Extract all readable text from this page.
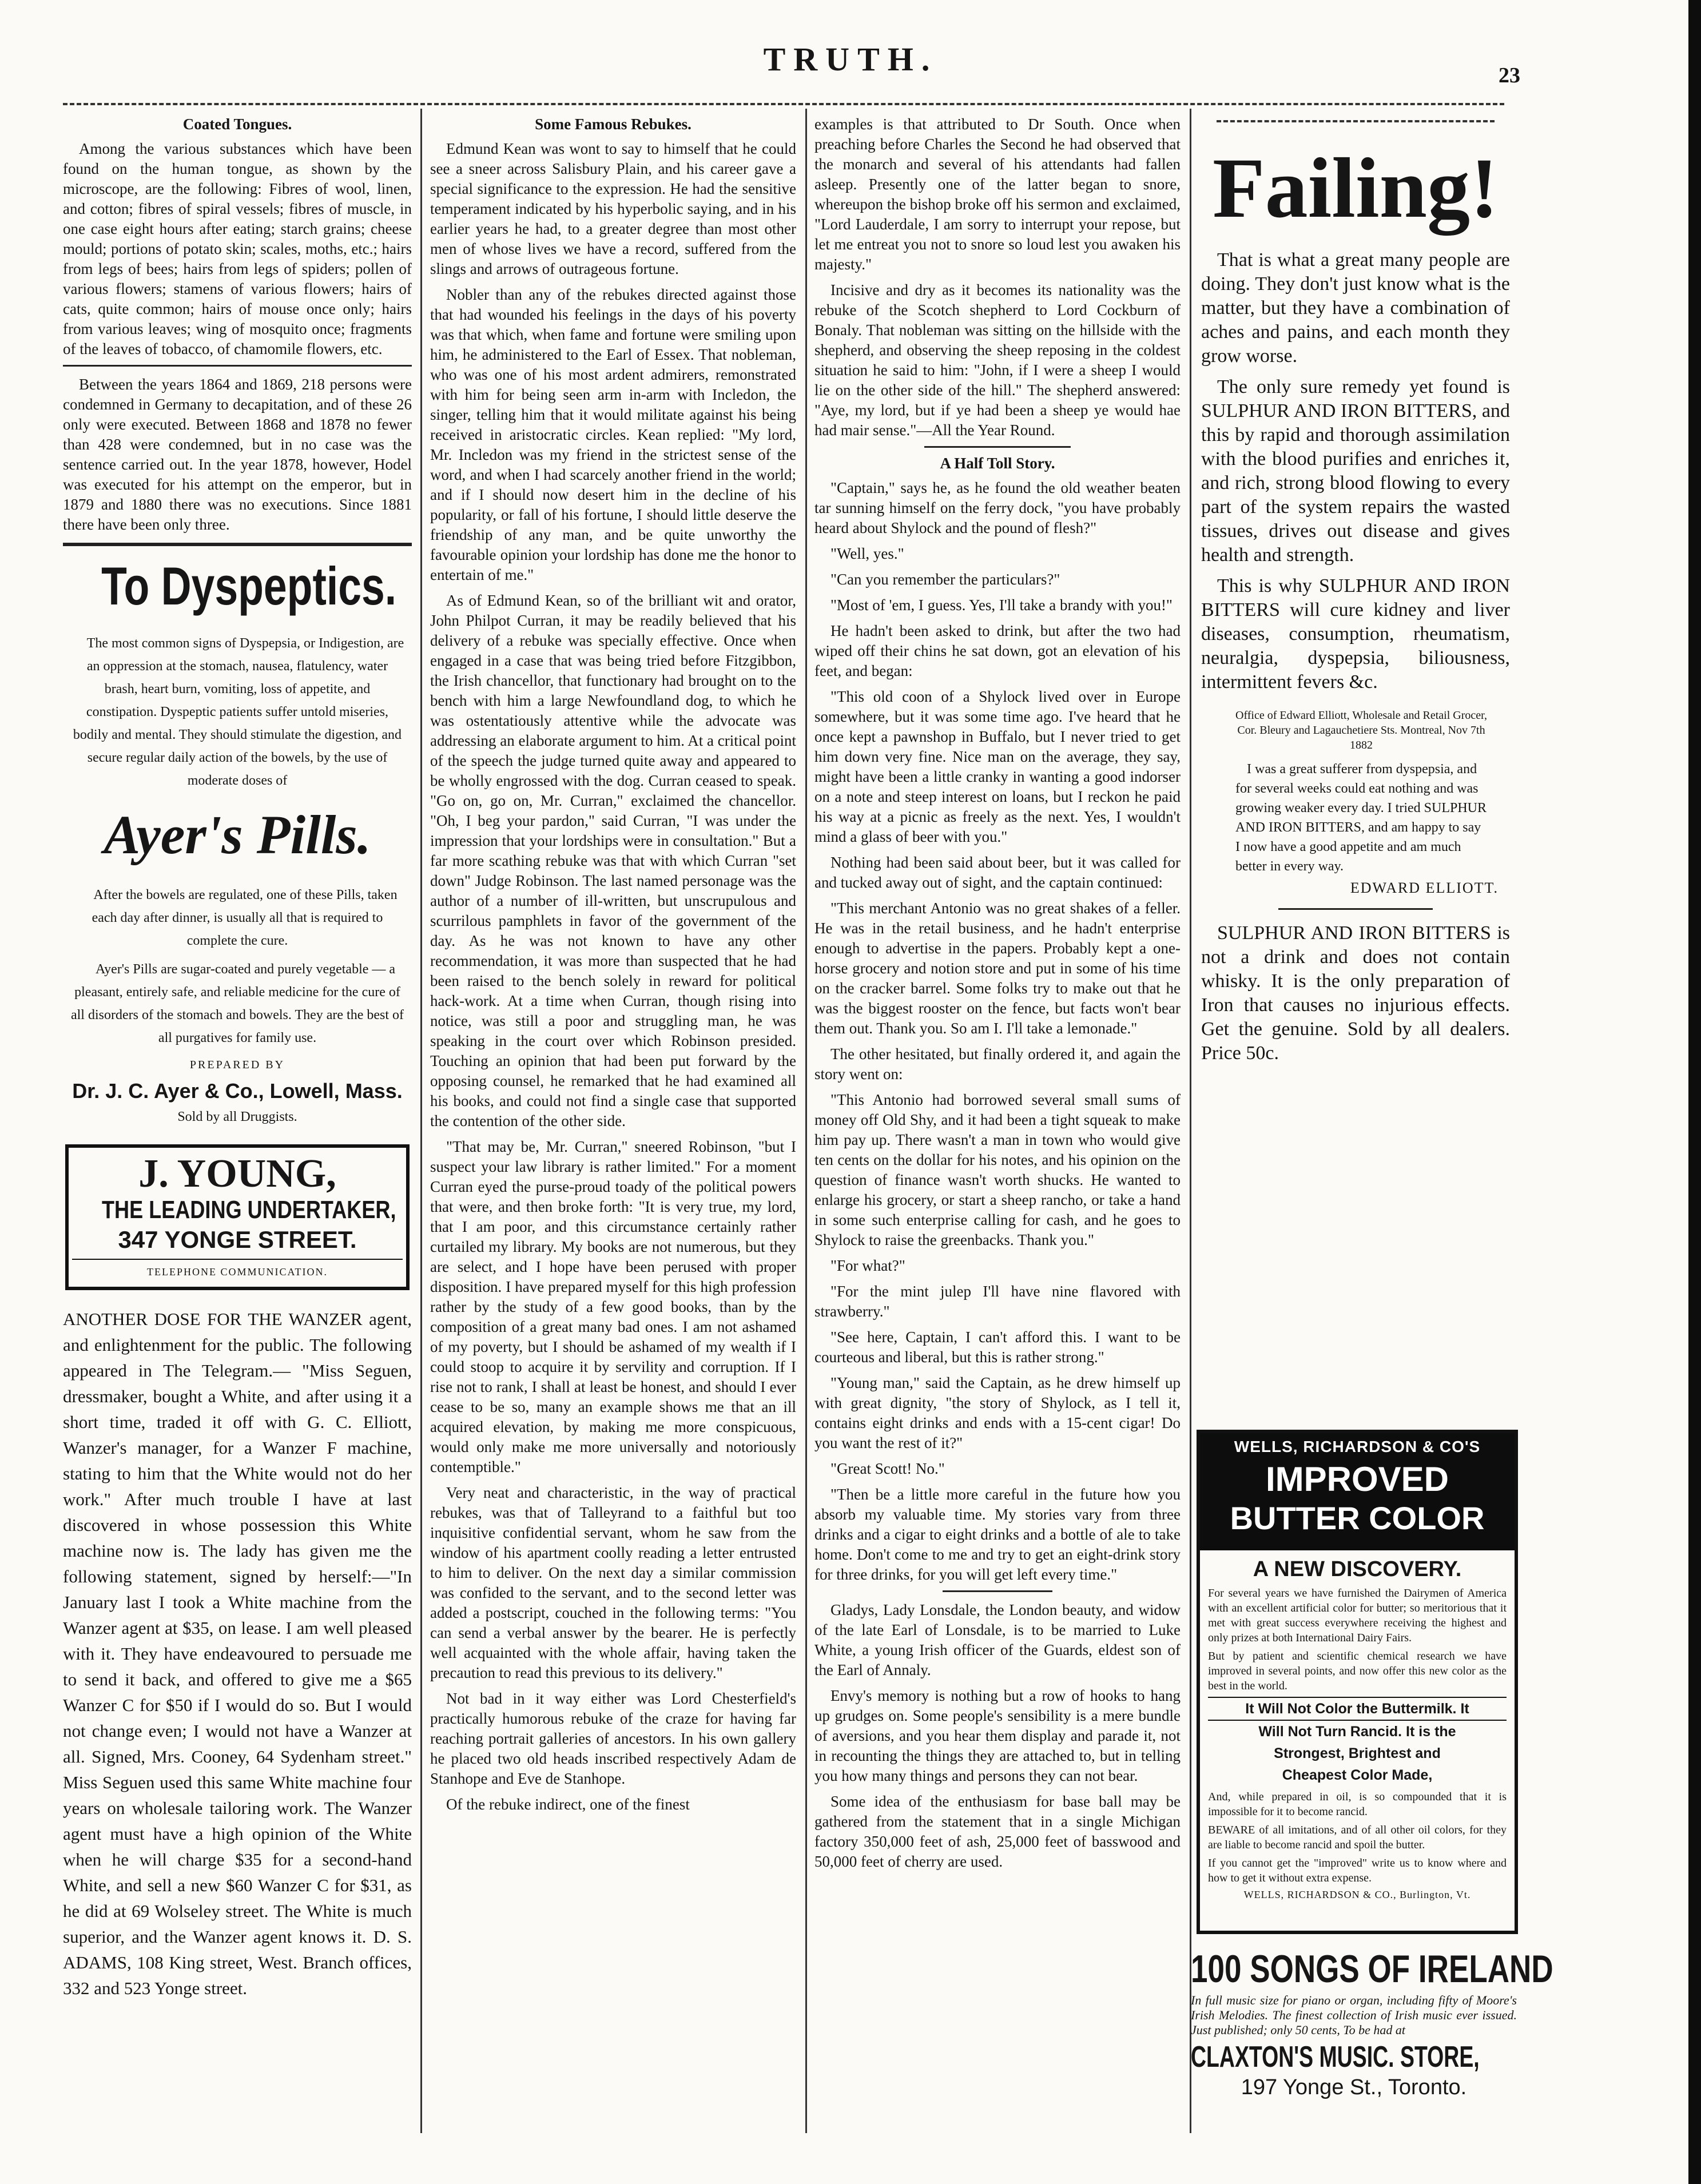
TRUTH.	23
Coated Tongues.

Among the various substances which have been found on the human tongue, as shown by the microscope, are the following: Fibres of wool, linen, and cotton; fibres of spiral vessels; fibres of muscle, in one case eight hours after eating; starch grains; cheese mould; portions of potato skin; scales, moths, etc.; hairs from legs of bees; hairs from legs of spiders; pollen of various flowers; stamens of various flowers; hairs of cats, quite common; hairs of mouse once only; hairs from various leaves; wing of mosquito once; fragments of the leaves of tobacco, of chamomile flowers, etc.

Between the years 1864 and 1869, 218 persons were condemned in Germany to decapitation, and of these 26 only were executed. Between 1868 and 1878 no fewer than 428 were condemned, but in no case was the sentence carried out. In the year 1878, however, Hodel was executed for his attempt on the emperor, but in 1879 and 1880 there was no executions. Since 1881 there have been only three.

To Dyspeptics.

The most common signs of Dyspepsia, or Indigestion, are an oppression at the stomach, nausea, flatulency, water brash, heart burn, vomiting, loss of appetite, and constipation. Dyspeptic patients suffer untold miseries, bodily and mental. They should stimulate the digestion, and secure regular daily action of the bowels, by the use of moderate doses of

Ayer's Pills.

After the bowels are regulated, one of these Pills, taken each day after dinner, is usually all that is required to complete the cure.

Ayer's Pills are sugar-coated and purely vegetable — a pleasant, entirely safe, and reliable medicine for the cure of all disorders of the stomach and bowels. They are the best of all purgatives for family use.

PREPARED BY
Dr. J. C. Ayer & Co., Lowell, Mass.
Sold by all Druggists.
J. YOUNG,
THE LEADING UNDERTAKER,
347 YONGE STREET.
TELEPHONE COMMUNICATION.

ANOTHER DOSE FOR THE WANZER agent, and enlightenment for the public. The following appeared in The Telegram.— "Miss Seguen, dressmaker, bought a White, and after using it a short time, traded it off with G. C. Elliott, Wanzer's manager, for a Wanzer F machine, stating to him that the White would not do her work." After much trouble I have at last discovered in whose possession this White machine now is. The lady has given me the following statement, signed by herself:—"In January last I took a White machine from the Wanzer agent at $35, on lease. I am well pleased with it. They have endeavoured to persuade me to send it back, and offered to give me a $65 Wanzer C for $50 if I would do so. But I would not change even; I would not have a Wanzer at all. Signed, Mrs. Cooney, 64 Sydenham street." Miss Seguen used this same White machine four years on wholesale tailoring work. The Wanzer agent must have a high opinion of the White when he will charge $35 for a second-hand White, and sell a new $60 Wanzer C for $31, as he did at 69 Wolseley street. The White is much superior, and the Wanzer agent knows it. D. S. ADAMS, 108 King street, West. Branch offices, 332 and 523 Yonge street.

Some Famous Rebukes.

Edmund Kean was wont to say to himself that he could see a sneer across Salisbury Plain, and his career gave a special significance to the expression. He had the sensitive temperament indicated by his hyperbolic saying, and in his earlier years he had, to a greater degree than most other men of whose lives we have a record, suffered from the slings and arrows of outrageous fortune.

Nobler than any of the rebukes directed against those that had wounded his feelings in the days of his poverty was that which, when fame and fortune were smiling upon him, he administered to the Earl of Essex. That nobleman, who was one of his most ardent admirers, remonstrated with him for being seen arm in-arm with Incledon, the singer, telling him that it would militate against his being received in aristocratic circles. Kean replied: "My lord, Mr. Incledon was my friend in the strictest sense of the word, and when I had scarcely another friend in the world; and if I should now desert him in the decline of his popularity, or fall of his fortune, I should little deserve the friendship of any man, and be quite unworthy the favourable opinion your lordship has done me the honor to entertain of me."

As of Edmund Kean, so of the brilliant wit and orator, John Philpot Curran, it may be readily believed that his delivery of a rebuke was specially effective. Once when engaged in a case that was being tried before Fitzgibbon, the Irish chancellor, that functionary had brought on to the bench with him a large Newfoundland dog, to which he was ostentatiously attentive while the advocate was addressing an elaborate argument to him. At a critical point of the speech the judge turned quite away and appeared to be wholly engrossed with the dog. Curran ceased to speak. "Go on, go on, Mr. Curran," exclaimed the chancellor. "Oh, I beg your pardon," said Curran, "I was under the impression that your lordships were in consultation." But a far more scathing rebuke was that with which Curran "set down" Judge Robinson. The last named personage was the author of a number of ill-written, but unscrupulous and scurrilous pamphlets in favor of the government of the day. As he was not known to have any other recommendation, it was more than suspected that he had been raised to the bench solely in reward for political hack-work. At a time when Curran, though rising into notice, was still a poor and struggling man, he was speaking in the court over which Robinson presided. Touching an opinion that had been put forward by the opposing counsel, he remarked that he had examined all his books, and could not find a single case that supported the contention of the other side.

"That may be, Mr. Curran," sneered Robinson, "but I suspect your law library is rather limited." For a moment Curran eyed the purse-proud toady of the political powers that were, and then broke forth: "It is very true, my lord, that I am poor, and this circumstance certainly rather curtailed my library. My books are not numerous, but they are select, and I hope have been perused with proper disposition. I have prepared myself for this high profession rather by the study of a few good books, than by the composition of a great many bad ones. I am not ashamed of my poverty, but I should be ashamed of my wealth if I could stoop to acquire it by servility and corruption. If I rise not to rank, I shall at least be honest, and should I ever cease to be so, many an example shows me that an ill acquired elevation, by making me more conspicuous, would only make me more universally and notoriously contemptible."

Very neat and characteristic, in the way of practical rebukes, was that of Talleyrand to a faithful but too inquisitive confidential servant, whom he saw from the window of his apartment coolly reading a letter entrusted to him to deliver. On the next day a similar commission was confided to the servant, and to the second letter was added a postscript, couched in the following terms: "You can send a verbal answer by the bearer. He is perfectly well acquainted with the whole affair, having taken the precaution to read this previous to its delivery."

Not bad in it way either was Lord Chesterfield's practically humorous rebuke of the craze for having far reaching portrait galleries of ancestors. In his own gallery he placed two old heads inscribed respectively Adam de Stanhope and Eve de Stanhope.

Of the rebuke indirect, one of the finest

examples is that attributed to Dr South. Once when preaching before Charles the Second he had observed that the monarch and several of his attendants had fallen asleep. Presently one of the latter began to snore, whereupon the bishop broke off his sermon and exclaimed, "Lord Lauderdale, I am sorry to interrupt your repose, but let me entreat you not to snore so loud lest you awaken his majesty."

Incisive and dry as it becomes its nationality was the rebuke of the Scotch shepherd to Lord Cockburn of Bonaly. That nobleman was sitting on the hillside with the shepherd, and observing the sheep reposing in the coldest situation he said to him: "John, if I were a sheep I would lie on the other side of the hill." The shepherd answered: "Aye, my lord, but if ye had been a sheep ye would hae had mair sense."—All the Year Round.

A Half Toll Story.

"Captain," says he, as he found the old weather beaten tar sunning himself on the ferry dock, "you have probably heard about Shylock and the pound of flesh?"

"Well, yes."

"Can you remember the particulars?"

"Most of 'em, I guess. Yes, I'll take a brandy with you!"

He hadn't been asked to drink, but after the two had wiped off their chins he sat down, got an elevation of his feet, and began:

"This old coon of a Shylock lived over in Europe somewhere, but it was some time ago. I've heard that he once kept a pawnshop in Buffalo, but I never tried to get him down very fine. Nice man on the average, they say, might have been a little cranky in wanting a good indorser on a note and steep interest on loans, but I reckon he paid his way at a picnic as freely as the next. Yes, I wouldn't mind a glass of beer with you."

Nothing had been said about beer, but it was called for and tucked away out of sight, and the captain continued:

"This merchant Antonio was no great shakes of a feller. He was in the retail business, and he hadn't enterprise enough to advertise in the papers. Probably kept a one-horse grocery and notion store and put in some of his time on the cracker barrel. Some folks try to make out that he was the biggest rooster on the fence, but facts won't bear them out. Thank you. So am I. I'll take a lemonade."

The other hesitated, but finally ordered it, and again the story went on:

"This Antonio had borrowed several small sums of money off Old Shy, and it had been a tight squeak to make him pay up. There wasn't a man in town who would give ten cents on the dollar for his notes, and his opinion on the question of finance wasn't worth shucks. He wanted to enlarge his grocery, or start a sheep rancho, or take a hand in some such enterprise calling for cash, and he goes to Shylock to raise the greenbacks. Thank you."

"For what?"

"For the mint julep I'll have nine flavored with strawberry."

"See here, Captain, I can't afford this. I want to be courteous and liberal, but this is rather strong."

"Young man," said the Captain, as he drew himself up with great dignity, "the story of Shylock, as I tell it, contains eight drinks and ends with a 15-cent cigar! Do you want the rest of it?"

"Great Scott! No."

"Then be a little more careful in the future how you absorb my valuable time. My stories vary from three drinks and a cigar to eight drinks and a bottle of ale to take home. Don't come to me and try to get an eight-drink story for three drinks, for you will get left every time."

Gladys, Lady Lonsdale, the London beauty, and widow of the late Earl of Lonsdale, is to be married to Luke White, a young Irish officer of the Guards, eldest son of the Earl of Annaly.

Envy's memory is nothing but a row of hooks to hang up grudges on. Some people's sensibility is a mere bundle of aversions, and you hear them display and parade it, not in recounting the things they are attached to, but in telling you how many things and persons they can not bear.

Some idea of the enthusiasm for base ball may be gathered from the statement that in a single Michigan factory 350,000 feet of ash, 25,000 feet of basswood and 50,000 feet of cherry are used.

Failing!

That is what a great many people are doing. They don't just know what is the matter, but they have a combination of aches and pains, and each month they grow worse.

The only sure remedy yet found is SULPHUR AND IRON BITTERS, and this by rapid and thorough assimilation with the blood purifies and enriches it, and rich, strong blood flowing to every part of the system repairs the wasted tissues, drives out disease and gives health and strength.

This is why SULPHUR AND IRON BITTERS will cure kidney and liver diseases, consumption, rheumatism, neuralgia, dyspepsia, biliousness, intermittent fevers &c.

Office of Edward Elliott, Wholesale and Retail Grocer, Cor. Bleury and Lagauchetiere Sts. Montreal, Nov 7th 1882

I was a great sufferer from dyspepsia, and for several weeks could eat nothing and was growing weaker every day. I tried SULPHUR AND IRON BITTERS, and am happy to say I now have a good appetite and am much better in every way.

EDWARD ELLIOTT.

SULPHUR AND IRON BITTERS is not a drink and does not contain whisky. It is the only preparation of Iron that causes no injurious effects. Get the genuine. Sold by all dealers. Price 50c.

WELLS, RICHARDSON & CO'S
IMPROVED
BUTTER COLOR
A NEW DISCOVERY.

For several years we have furnished the Dairymen of America with an excellent artificial color for butter; so meritorious that it met with great success everywhere receiving the highest and only prizes at both International Dairy Fairs.

But by patient and scientific chemical research we have improved in several points, and now offer this new color as the best in the world.

It Will Not Color the Buttermilk. It
Will Not Turn Rancid. It is the
Strongest, Brightest and
Cheapest Color Made,

And, while prepared in oil, is so compounded that it is impossible for it to become rancid.

BEWARE of all imitations, and of all other oil colors, for they are liable to become rancid and spoil the butter.

If you cannot get the "improved" write us to know where and how to get it without extra expense.

WELLS, RICHARDSON & CO., Burlington, Vt.
100 SONGS OF IRELAND

In full music size for piano or organ, including fifty of Moore's Irish Melodies. The finest collection of Irish music ever issued. Just published; only 50 cents, To be had at

CLAXTON'S MUSIC. STORE,
197 Yonge St., Toronto.
